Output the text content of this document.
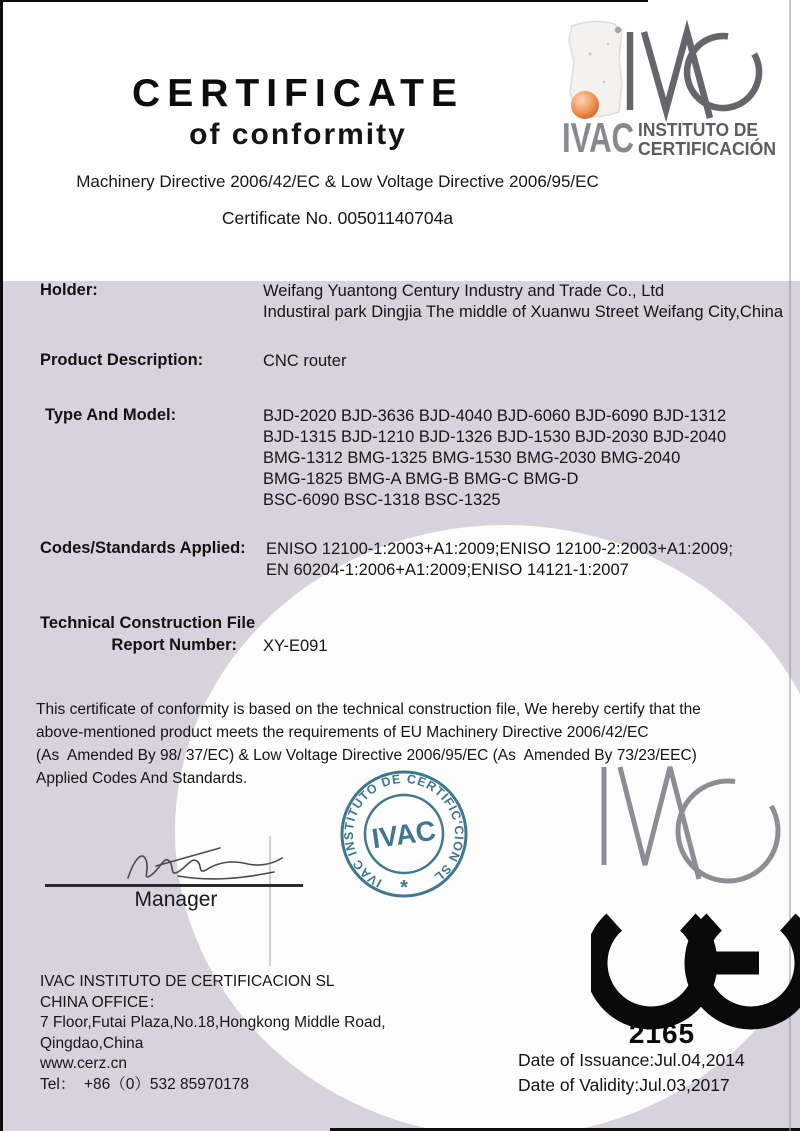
CERTIFICATE
of conformity
Machinery Directive 2006/42/EC & Low Voltage Directive 2006/95/EC
Certificate No. 00501140704a
IVAC INSTITUTO DE
CERTIFICACIÓN
Holder:	Weifang Yuantong Century Industry and Trade Co., Ltd
Industiral park Dingjia The middle of Xuanwu Street Weifang City,China
Product Description:	CNC router
Type And Model:	BJD-2020 BJD-3636 BJD-4040 BJD-6060 BJD-6090 BJD-1312
BJD-1315 BJD-1210 BJD-1326 BJD-1530 BJD-2030 BJD-2040
BMG-1312 BMG-1325 BMG-1530 BMG-2030 BMG-2040
BMG-1825 BMG-A BMG-B BMG-C BMG-D
BSC-6090 BSC-1318 BSC-1325
Codes/Standards Applied: ENISO 12100-1:2003+A1:2009;ENISO 12100-2:2003+A1:2009;
EN 60204-1:2006+A1:2009;ENISO 14121-1:2007
Technical Construction File
Report Number: XY-E091
This certificate of conformity is based on the technical construction file, We hereby certify that the
above-mentioned product meets the requirements of EU Machinery Directive 2006/42/EC
(As  Amended By 98/ 37/EC) & Low Voltage Directive 2006/95/EC (As  Amended By 73/23/EEC)
Applied Codes And Standards.
IVAC INSTITUTO DE CERTIFIC'CION SL
IVAC
*
Manager
2165
IVAC INSTITUTO DE CERTIFICACION SL
CHINA OFFICE：
7 Floor,Futai Plaza,No.18,Hongkong Middle Road,
Qingdao,China
www.cerz.cn
Tel：  +86（0）532 85970178
Date of Issuance:Jul.04,2014
Date of Validity:Jul.03,2017
